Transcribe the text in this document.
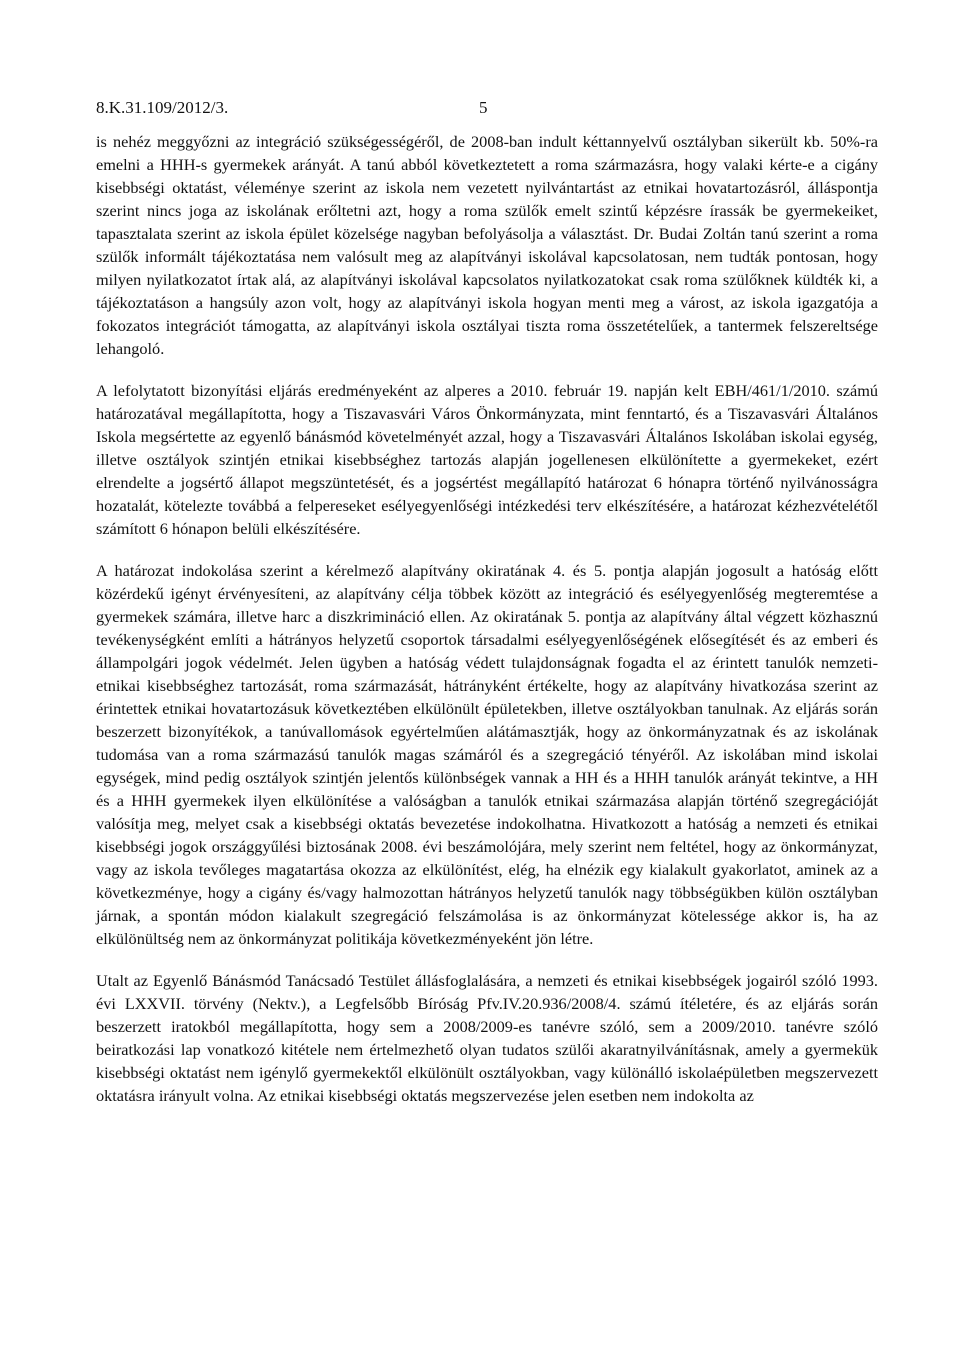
8.K.31.109/2012/3.	5

is nehéz meggyőzni az integráció szükségességéről, de 2008-ban indult kéttannyelvű osztályban sikerült kb. 50%-ra emelni a HHH-s gyermekek arányát. A tanú abból következtetett a roma származásra, hogy valaki kérte-e a cigány kisebbségi oktatást, véleménye szerint az iskola nem vezetett nyilvántartást az etnikai hovatartozásról, álláspontja szerint nincs joga az iskolának erőltetni azt, hogy a roma szülők emelt szintű képzésre írassák be gyermekeiket, tapasztalata szerint az iskola épület közelsége nagyban befolyásolja a választást. Dr. Budai Zoltán tanú szerint a roma szülők informált tájékoztatása nem valósult meg az alapítványi iskolával kapcsolatosan, nem tudták pontosan, hogy milyen nyilatkozatot írtak alá, az alapítványi iskolával kapcsolatos nyilatkozatokat csak roma szülőknek küldték ki, a tájékoztatáson a hangsúly azon volt, hogy az alapítványi iskola hogyan menti meg a várost, az iskola igazgatója a fokozatos integrációt támogatta, az alapítványi iskola osztályai tiszta roma összetételűek, a tantermek felszereltsége lehangoló.

A lefolytatott bizonyítási eljárás eredményeként az alperes a 2010. február 19. napján kelt EBH/461/1/2010. számú határozatával megállapította, hogy a Tiszavasvári Város Önkormányzata, mint fenntartó, és a Tiszavasvári Általános Iskola megsértette az egyenlő bánásmód követelményét azzal, hogy a Tiszavasvári Általános Iskolában iskolai egység, illetve osztályok szintjén etnikai kisebbséghez tartozás alapján jogellenesen elkülönítette a gyermekeket, ezért elrendelte a jogsértő állapot megszüntetését, és a jogsértést megállapító határozat 6 hónapra történő nyilvánosságra hozatalát, kötelezte továbbá a felpereseket esélyegyenlőségi intézkedési terv elkészítésére, a határozat kézhezvételétől számított 6 hónapon belüli elkészítésére.

A határozat indokolása szerint a kérelmező alapítvány okiratának 4. és 5. pontja alapján jogosult a hatóság előtt közérdekű igényt érvényesíteni, az alapítvány célja többek között az integráció és esélyegyenlőség megteremtése a gyermekek számára, illetve harc a diszkrimináció ellen. Az okiratának 5. pontja az alapítvány által végzett közhasznú tevékenységként említi a hátrányos helyzetű csoportok társadalmi esélyegyenlőségének elősegítését és az emberi és állampolgári jogok védelmét. Jelen ügyben a hatóság védett tulajdonságnak fogadta el az érintett tanulók nemzeti-etnikai kisebbséghez tartozását, roma származását, hátrányként értékelte, hogy az alapítvány hivatkozása szerint az érintettek etnikai hovatartozásuk következtében elkülönült épületekben, illetve osztályokban tanulnak. Az eljárás során beszerzett bizonyítékok, a tanúvallomások egyértelműen alátámasztják, hogy az önkormányzatnak és az iskolának tudomása van a roma származású tanulók magas számáról és a szegregáció tényéről. Az iskolában mind iskolai egységek, mind pedig osztályok szintjén jelentős különbségek vannak a HH és a HHH tanulók arányát tekintve, a HH és a HHH gyermekek ilyen elkülönítése a valóságban a tanulók etnikai származása alapján történő szegregációját valósítja meg, melyet csak a kisebbségi oktatás bevezetése indokolhatna. Hivatkozott a hatóság a nemzeti és etnikai kisebbségi jogok országgyűlési biztosának 2008. évi beszámolójára, mely szerint nem feltétel, hogy az önkormányzat, vagy az iskola tevőleges magatartása okozza az elkülönítést, elég, ha elnézik egy kialakult gyakorlatot, aminek az a következménye, hogy a cigány és/vagy halmozottan hátrányos helyzetű tanulók nagy többségükben külön osztályban járnak, a spontán módon kialakult szegregáció felszámolása is az önkormányzat kötelessége akkor is, ha az elkülönültség nem az önkormányzat politikája következményeként jön létre.

Utalt az Egyenlő Bánásmód Tanácsadó Testület állásfoglalására, a nemzeti és etnikai kisebbségek jogairól szóló 1993. évi LXXVII. törvény (Nektv.), a Legfelsőbb Bíróság Pfv.IV.20.936/2008/4. számú ítéletére, és az eljárás során beszerzett iratokból megállapította, hogy sem a 2008/2009-es tanévre szóló, sem a 2009/2010. tanévre szóló beiratkozási lap vonatkozó kitétele nem értelmezhető olyan tudatos szülői akaratnyilvánításnak, amely a gyermekük kisebbségi oktatást nem igénylő gyermekektől elkülönült osztályokban, vagy különálló iskolaépületben megszervezett oktatásra irányult volna. Az etnikai kisebbségi oktatás megszervezése jelen esetben nem indokolta az
